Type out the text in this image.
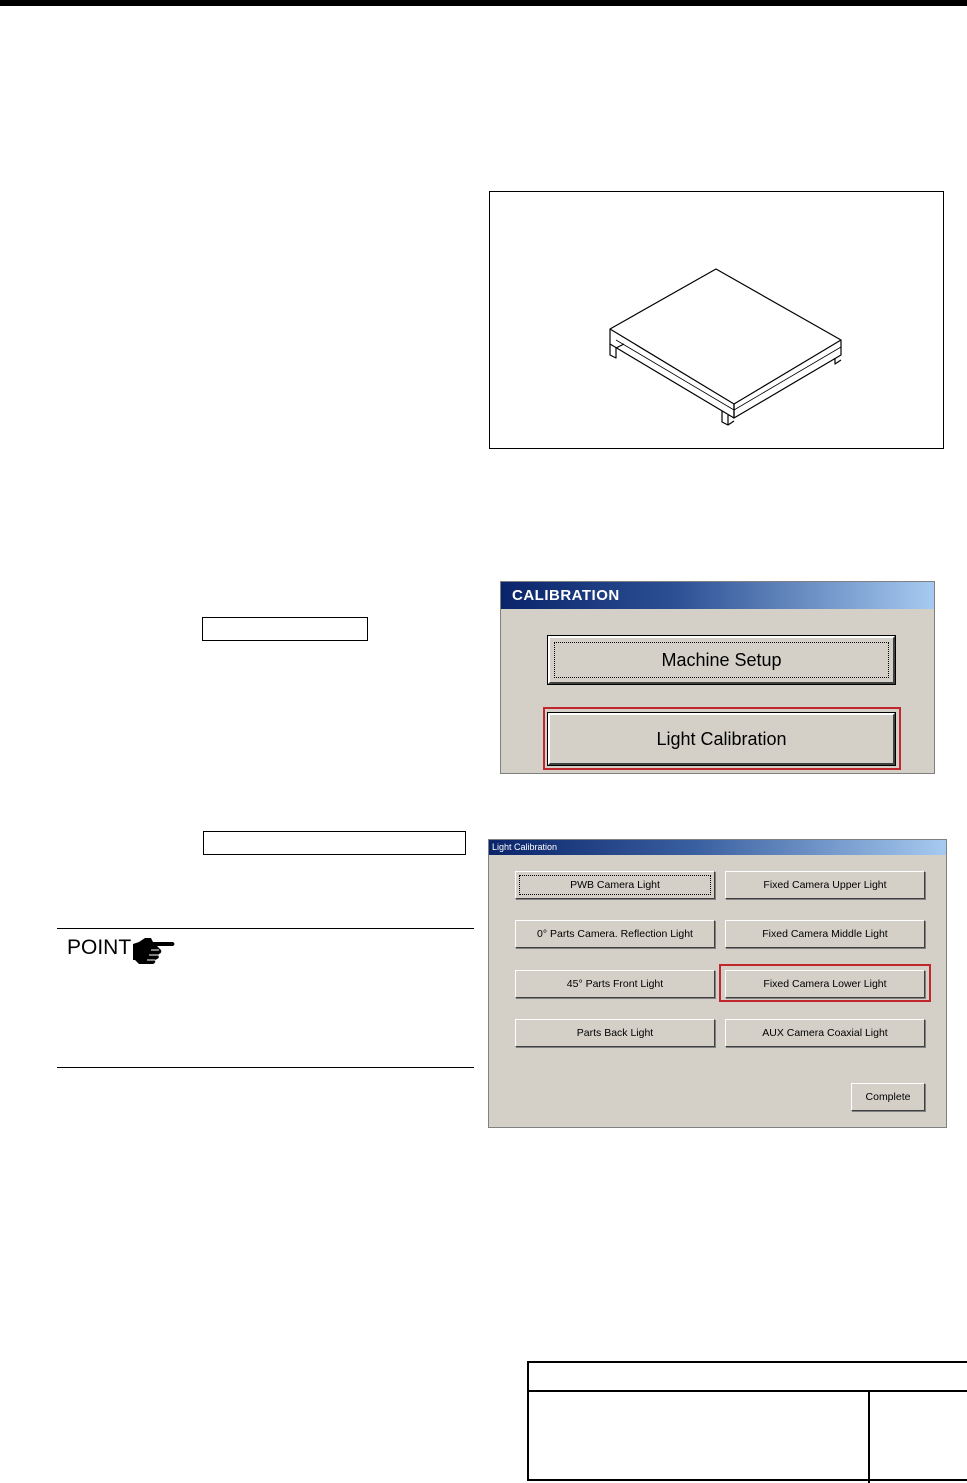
CALIBRATION
Machine Setup
Light Calibration
Light Calibration
PWB Camera Light	Fixed Camera Upper Light
0° Parts Camera. Reflection Light	Fixed Camera Middle Light
45° Parts Front Light	Fixed Camera Lower Light
Parts Back Light	AUX Camera Coaxial Light
Complete
POINT
